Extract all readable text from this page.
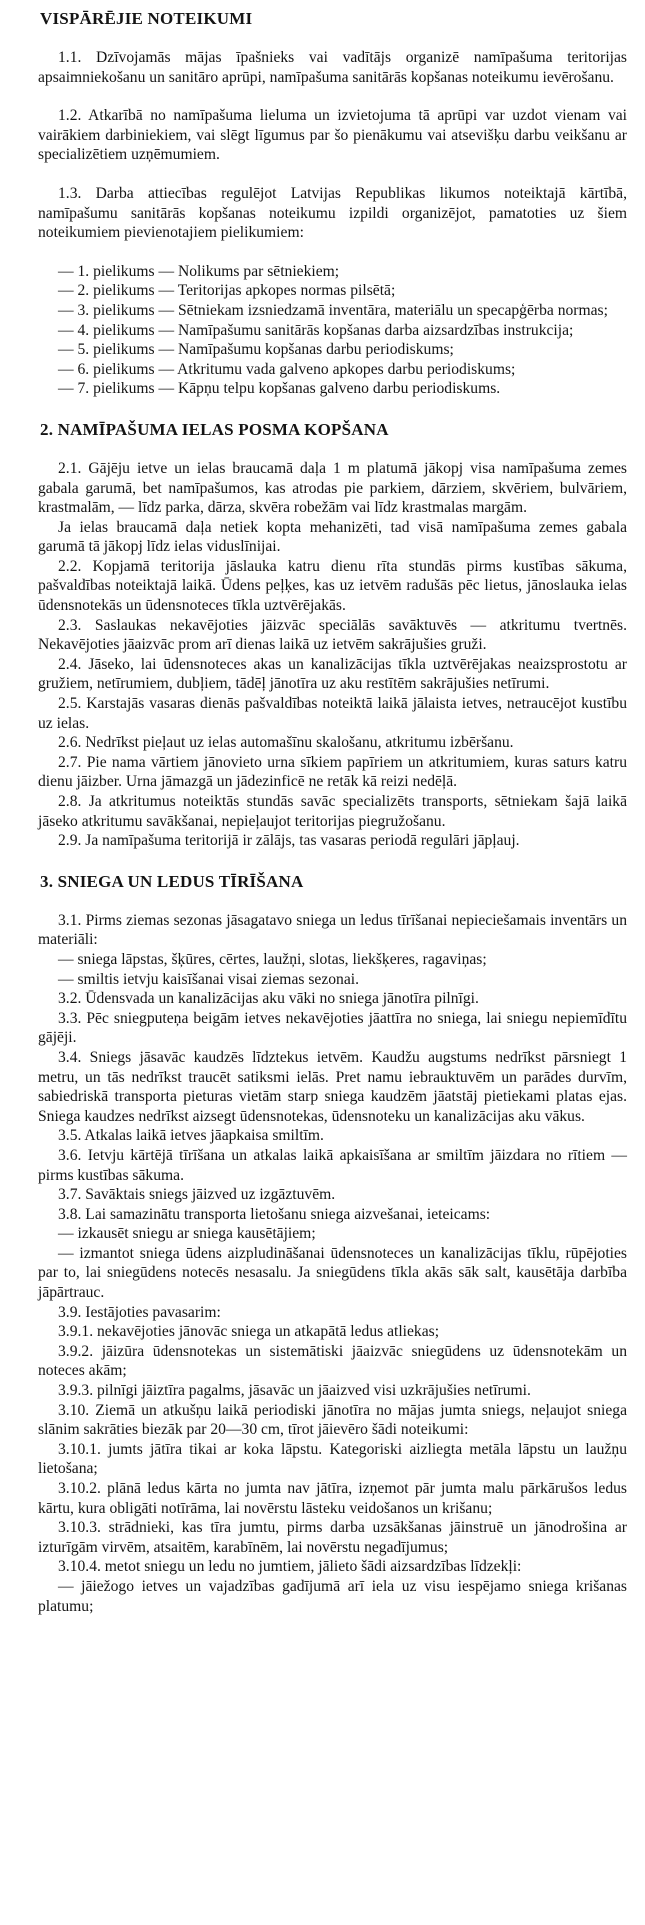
VISPĀRĒJIE NOTEIKUMI

1.1. Dzīvojamās mājas īpašnieks vai vadītājs organizē namīpašuma teritorijas apsaimniekošanu un sanitāro aprūpi, namīpašuma sanitārās kopšanas noteikumu ievērošanu.

1.2. Atkarībā no namīpašuma lieluma un izvietojuma tā aprūpi var uzdot vienam vai vairākiem darbiniekiem, vai slēgt līgumus par šo pienākumu vai atsevišķu darbu veikšanu ar specializētiem uzņēmumiem.

1.3. Darba attiecības regulējot Latvijas Republikas likumos noteiktajā kārtībā, namīpašumu sanitārās kopšanas noteikumu izpildi organizējot, pamatoties uz šiem noteikumiem pievienotajiem pielikumiem:

— 1. pielikums — Nolikums par sētniekiem;

— 2. pielikums — Teritorijas apkopes normas pilsētā;

— 3. pielikums — Sētniekam izsniedzamā inventāra, materiālu un specapģērba normas;

— 4. pielikums — Namīpašumu sanitārās kopšanas darba aizsardzības instrukcija;

— 5. pielikums — Namīpašumu kopšanas darbu periodiskums;

— 6. pielikums — Atkritumu vada galveno apkopes darbu periodiskums;

— 7. pielikums — Kāpņu telpu kopšanas galveno darbu periodiskums.

2. NAMĪPAŠUMA IELAS POSMA KOPŠANA

2.1. Gājēju ietve un ielas braucamā daļa 1 m platumā jākopj visa namīpašuma zemes gabala garumā, bet namīpašumos, kas atrodas pie parkiem, dārziem, skvēriem, bulvāriem, krastmalām, — līdz parka, dārza, skvēra robežām vai līdz krastmalas margām.

Ja ielas braucamā daļa netiek kopta mehanizēti, tad visā namīpašuma zemes gabala garumā tā jākopj līdz ielas viduslīnijai.

2.2. Kopjamā teritorija jāslauka katru dienu rīta stundās pirms kustības sākuma, pašvaldības noteiktajā laikā. Ūdens peļķes, kas uz ietvēm radušās pēc lietus, jānoslauka ielas ūdensnotekās un ūdensnoteces tīkla uztvērējakās.

2.3. Saslaukas nekavējoties jāizvāc speciālās savāktuvēs — atkritumu tvertnēs. Nekavējoties jāaizvāc prom arī dienas laikā uz ietvēm sakrājušies gruži.

2.4. Jāseko, lai ūdensnoteces akas un kanalizācijas tīkla uztvērējakas neaizsprostotu ar gružiem, netīrumiem, dubļiem, tādēļ jānotīra uz aku restītēm sakrājušies netīrumi.

2.5. Karstajās vasaras dienās pašvaldības noteiktā laikā jālaista ietves, netraucējot kustību uz ielas.

2.6. Nedrīkst pieļaut uz ielas automašīnu skalošanu, atkritumu izbēršanu.

2.7. Pie nama vārtiem jānovieto urna sīkiem papīriem un atkritumiem, kuras saturs katru dienu jāizber. Urna jāmazgā un jādezinficē ne retāk kā reizi nedēļā.

2.8. Ja atkritumus noteiktās stundās savāc specializēts transports, sētniekam šajā laikā jāseko atkritumu savākšanai, nepieļaujot teritorijas piegružošanu.

2.9. Ja namīpašuma teritorijā ir zālājs, tas vasaras periodā regulāri jāpļauj.

3. SNIEGA UN LEDUS TĪRĪŠANA

3.1. Pirms ziemas sezonas jāsagatavo sniega un ledus tīrīšanai nepieciešamais inventārs un materiāli:

— sniega lāpstas, šķūres, cērtes, laužņi, slotas, liekšķeres, ragaviņas;

— smiltis ietvju kaisīšanai visai ziemas sezonai.

3.2. Ūdensvada un kanalizācijas aku vāki no sniega jānotīra pilnīgi.

3.3. Pēc sniegputeņa beigām ietves nekavējoties jāattīra no sniega, lai sniegu nepiemīdītu gājēji.

3.4. Sniegs jāsavāc kaudzēs līdztekus ietvēm. Kaudžu augstums nedrīkst pārsniegt 1 metru, un tās nedrīkst traucēt satiksmi ielās. Pret namu iebrauktuvēm un parādes durvīm, sabiedriskā transporta pieturas vietām starp sniega kaudzēm jāatstāj pietiekami platas ejas. Sniega kaudzes nedrīkst aizsegt ūdensnotekas, ūdensnoteku un kanalizācijas aku vākus.

3.5. Atkalas laikā ietves jāapkaisa smiltīm.

3.6. Ietvju kārtējā tīrīšana un atkalas laikā apkaisīšana ar smiltīm jāizdara no rītiem — pirms kustības sākuma.

3.7. Savāktais sniegs jāizved uz izgāztuvēm.

3.8. Lai samazinātu transporta lietošanu sniega aizvešanai, ieteicams:

— izkausēt sniegu ar sniega kausētājiem;

— izmantot sniega ūdens aizpludināšanai ūdensnoteces un kanalizācijas tīklu, rūpējoties par to, lai sniegūdens notecēs nesasalu. Ja sniegūdens tīkla akās sāk salt, kausētāja darbība jāpārtrauc.

3.9. Iestājoties pavasarim:

3.9.1. nekavējoties jānovāc sniega un atkapātā ledus atliekas;

3.9.2. jāizūra ūdensnotekas un sistemātiski jāaizvāc sniegūdens uz ūdensnotekām un noteces akām;

3.9.3. pilnīgi jāiztīra pagalms, jāsavāc un jāaizved visi uzkrājušies netīrumi.

3.10. Ziemā un atkušņu laikā periodiski jānotīra no mājas jumta sniegs, neļaujot sniega slānim sakrāties biezāk par 20—30 cm, tīrot jāievēro šādi noteikumi:

3.10.1. jumts jātīra tikai ar koka lāpstu. Kategoriski aizliegta metāla lāpstu un laužņu lietošana;

3.10.2. plānā ledus kārta no jumta nav jātīra, izņemot pār jumta malu pārkārušos ledus kārtu, kura obligāti notīrāma, lai novērstu lāsteku veidošanos un krišanu;

3.10.3. strādnieki, kas tīra jumtu, pirms darba uzsākšanas jāinstruē un jānodrošina ar izturīgām virvēm, atsaitēm, karabīnēm, lai novērstu negadījumus;

3.10.4. metot sniegu un ledu no jumtiem, jālieto šādi aizsardzības līdzekļi:

— jāiežogo ietves un vajadzības gadījumā arī iela uz visu iespējamo sniega krišanas platumu;
